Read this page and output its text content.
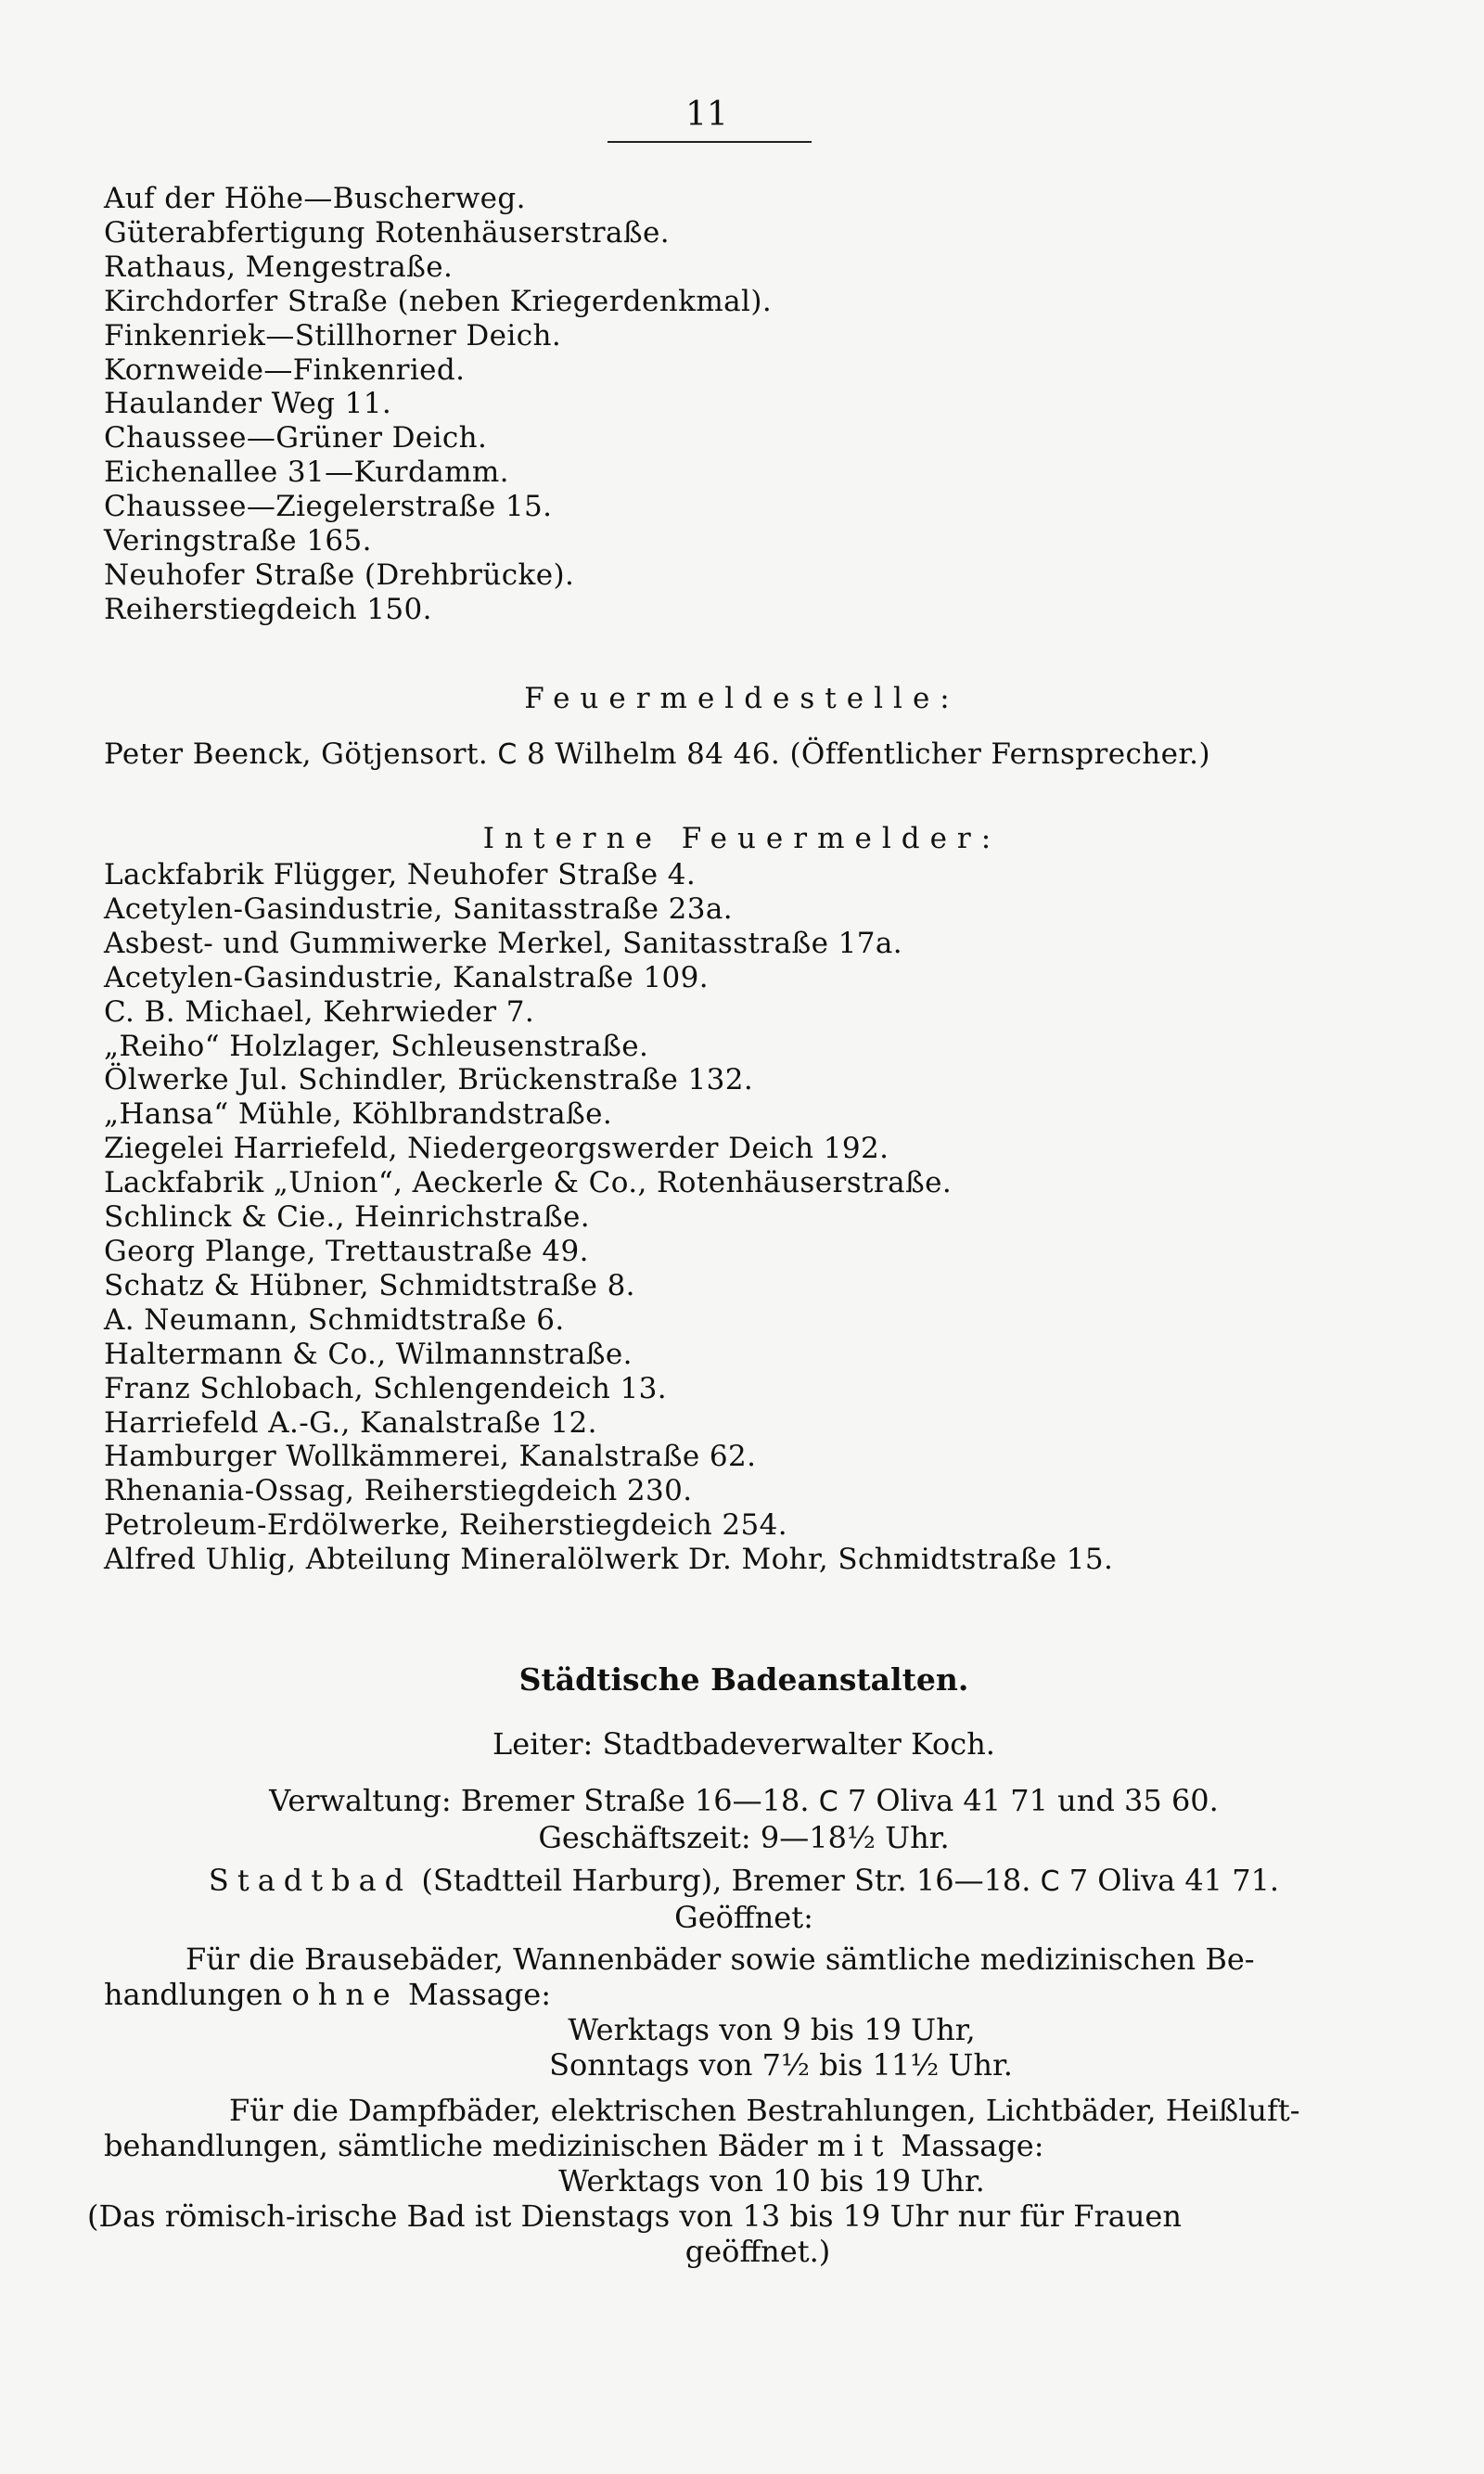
11
Auf der Höhe—Buscherweg.
Güterabfertigung Rotenhäuserstraße.
Rathaus, Mengestraße.
Kirchdorfer Straße (neben Kriegerdenkmal).
Finkenriek—Stillhorner Deich.
Kornweide—Finkenried.
Haulander Weg 11.
Chaussee—Grüner Deich.
Eichenallee 31—Kurdamm.
Chaussee—Ziegelerstraße 15.
Veringstraße 165.
Neuhofer Straße (Drehbrücke).
Reiherstiegdeich 150.
Feuermeldestelle:
Peter Beenck, Götjensort. C 8 Wilhelm 84 46. (Öffentlicher Fernsprecher.)
Interne Feuermelder:
Lackfabrik Flügger, Neuhofer Straße 4.
Acetylen-Gasindustrie, Sanitasstraße 23a.
Asbest- und Gummiwerke Merkel, Sanitasstraße 17a.
Acetylen-Gasindustrie, Kanalstraße 109.
C. B. Michael, Kehrwieder 7.
„Reiho“ Holzlager, Schleusenstraße.
Ölwerke Jul. Schindler, Brückenstraße 132.
„Hansa“ Mühle, Köhlbrandstraße.
Ziegelei Harriefeld, Niedergeorgswerder Deich 192.
Lackfabrik „Union“, Aeckerle & Co., Rotenhäuserstraße.
Schlinck & Cie., Heinrichstraße.
Georg Plange, Trettaustraße 49.
Schatz & Hübner, Schmidtstraße 8.
A. Neumann, Schmidtstraße 6.
Haltermann & Co., Wilmannstraße.
Franz Schlobach, Schlengendeich 13.
Harriefeld A.-G., Kanalstraße 12.
Hamburger Wollkämmerei, Kanalstraße 62.
Rhenania-Ossag, Reiherstiegdeich 230.
Petroleum-Erdölwerke, Reiherstiegdeich 254.
Alfred Uhlig, Abteilung Mineralölwerk Dr. Mohr, Schmidtstraße 15.
Städtische Badeanstalten.
Leiter: Stadtbadeverwalter Koch.
Verwaltung: Bremer Straße 16—18. C 7 Oliva 41 71 und 35 60.
Geschäftszeit: 9—18½ Uhr.
Stadtbad (Stadtteil Harburg), Bremer Str. 16—18. C 7 Oliva 41 71.
Geöffnet:
Für die Brausebäder, Wannenbäder sowie sämtliche medizinischen Be-
handlungen ohne Massage:
Werktags von 9 bis 19 Uhr,
Sonntags von 7½ bis 11½ Uhr.
Für die Dampfbäder, elektrischen Bestrahlungen, Lichtbäder, Heißluft-
behandlungen, sämtliche medizinischen Bäder mit Massage:
Werktags von 10 bis 19 Uhr.
(Das römisch-irische Bad ist Dienstags von 13 bis 19 Uhr nur für Frauen
geöffnet.)
